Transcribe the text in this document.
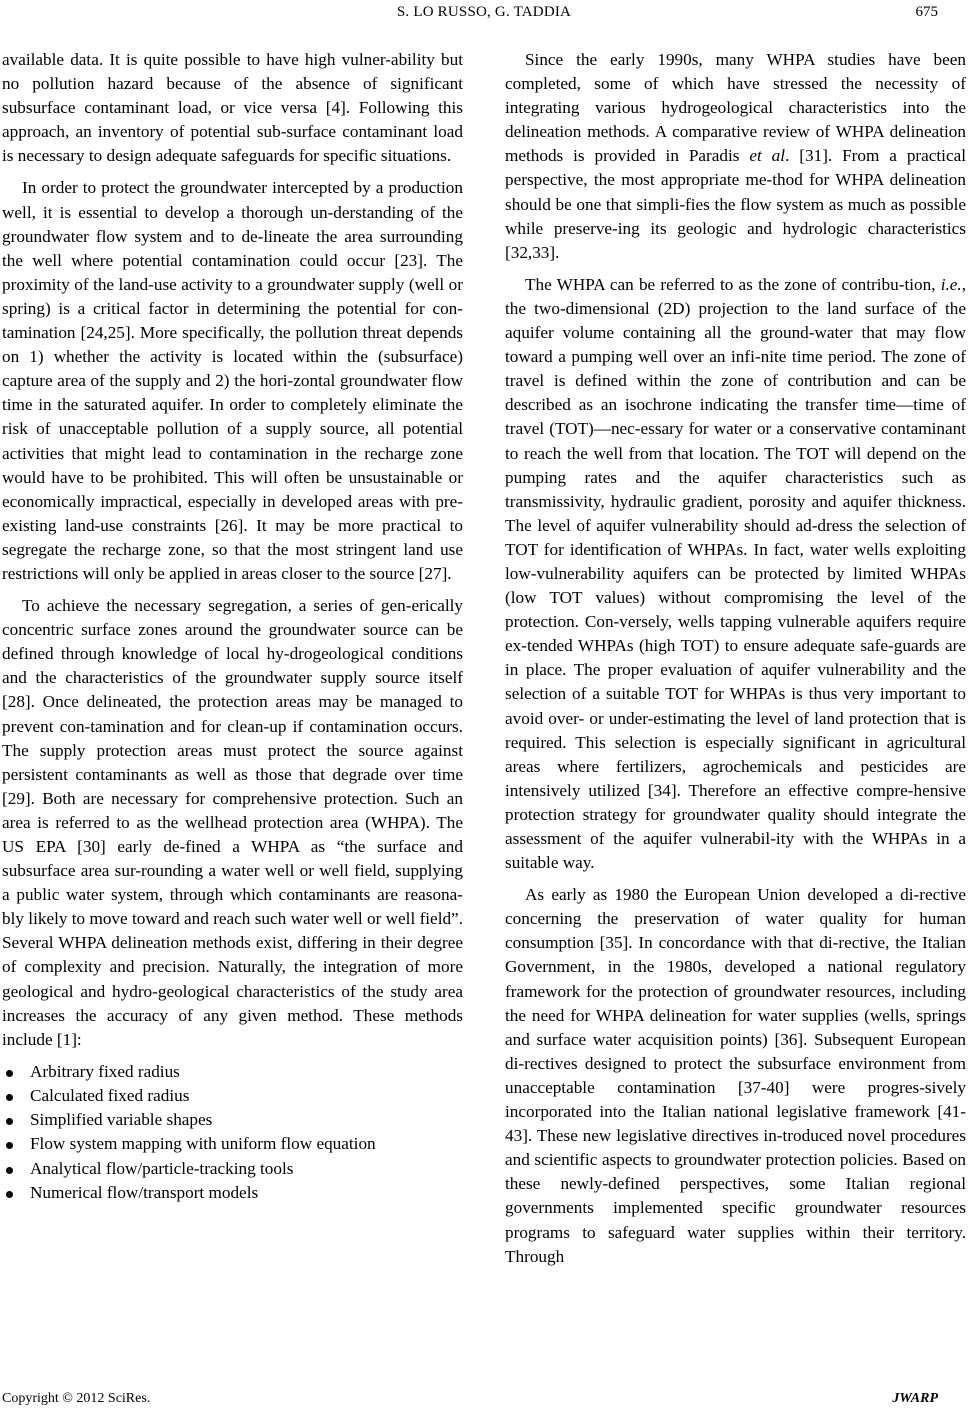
S. LO RUSSO, G. TADDIA	675

available data. It is quite possible to have high vulner-ability but no pollution hazard because of the absence of significant subsurface contaminant load, or vice versa [4]. Following this approach, an inventory of potential sub-surface contaminant load is necessary to design adequate safeguards for specific situations.

In order to protect the groundwater intercepted by a production well, it is essential to develop a thorough un-derstanding of the groundwater flow system and to de-lineate the area surrounding the well where potential contamination could occur [23]. The proximity of the land-use activity to a groundwater supply (well or spring) is a critical factor in determining the potential for con-tamination [24,25]. More specifically, the pollution threat depends on 1) whether the activity is located within the (subsurface) capture area of the supply and 2) the hori-zontal groundwater flow time in the saturated aquifer. In order to completely eliminate the risk of unacceptable pollution of a supply source, all potential activities that might lead to contamination in the recharge zone would have to be prohibited. This will often be unsustainable or economically impractical, especially in developed areas with pre-existing land-use constraints [26]. It may be more practical to segregate the recharge zone, so that the most stringent land use restrictions will only be applied in areas closer to the source [27].

To achieve the necessary segregation, a series of gen-erically concentric surface zones around the groundwater source can be defined through knowledge of local hy-drogeological conditions and the characteristics of the groundwater supply source itself [28]. Once delineated, the protection areas may be managed to prevent con-tamination and for clean-up if contamination occurs. The supply protection areas must protect the source against persistent contaminants as well as those that degrade over time [29]. Both are necessary for comprehensive protection. Such an area is referred to as the wellhead protection area (WHPA). The US EPA [30] early de-fined a WHPA as “the surface and subsurface area sur-rounding a water well or well field, supplying a public water system, through which contaminants are reasona-bly likely to move toward and reach such water well or well field”. Several WHPA delineation methods exist, differing in their degree of complexity and precision. Naturally, the integration of more geological and hydro-geological characteristics of the study area increases the accuracy of any given method. These methods include [1]:

Arbitrary fixed radius
Calculated fixed radius
Simplified variable shapes
Flow system mapping with uniform flow equation
Analytical flow/particle-tracking tools
Numerical flow/transport models

Since the early 1990s, many WHPA studies have been completed, some of which have stressed the necessity of integrating various hydrogeological characteristics into the delineation methods. A comparative review of WHPA delineation methods is provided in Paradis et al. [31]. From a practical perspective, the most appropriate me-thod for WHPA delineation should be one that simpli-fies the flow system as much as possible while preserve-ing its geologic and hydrologic characteristics [32,33].

The WHPA can be referred to as the zone of contribu-tion, i.e., the two-dimensional (2D) projection to the land surface of the aquifer volume containing all the ground-water that may flow toward a pumping well over an infi-nite time period. The zone of travel is defined within the zone of contribution and can be described as an isochrone indicating the transfer time—time of travel (TOT)—nec-essary for water or a conservative contaminant to reach the well from that location. The TOT will depend on the pumping rates and the aquifer characteristics such as transmissivity, hydraulic gradient, porosity and aquifer thickness. The level of aquifer vulnerability should ad-dress the selection of TOT for identification of WHPAs. In fact, water wells exploiting low-vulnerability aquifers can be protected by limited WHPAs (low TOT values) without compromising the level of the protection. Con-versely, wells tapping vulnerable aquifers require ex-tended WHPAs (high TOT) to ensure adequate safe-guards are in place. The proper evaluation of aquifer vulnerability and the selection of a suitable TOT for WHPAs is thus very important to avoid over- or under-estimating the level of land protection that is required. This selection is especially significant in agricultural areas where fertilizers, agrochemicals and pesticides are intensively utilized [34]. Therefore an effective compre-hensive protection strategy for groundwater quality should integrate the assessment of the aquifer vulnerabil-ity with the WHPAs in a suitable way.

As early as 1980 the European Union developed a di-rective concerning the preservation of water quality for human consumption [35]. In concordance with that di-rective, the Italian Government, in the 1980s, developed a national regulatory framework for the protection of groundwater resources, including the need for WHPA delineation for water supplies (wells, springs and surface water acquisition points) [36]. Subsequent European di-rectives designed to protect the subsurface environment from unacceptable contamination [37-40] were progres-sively incorporated into the Italian national legislative framework [41-43]. These new legislative directives in-troduced novel procedures and scientific aspects to groundwater protection policies. Based on these newly-defined perspectives, some Italian regional governments implemented specific groundwater resources programs to safeguard water supplies within their territory. Through

Copyright © 2012 SciRes.	JWARP
